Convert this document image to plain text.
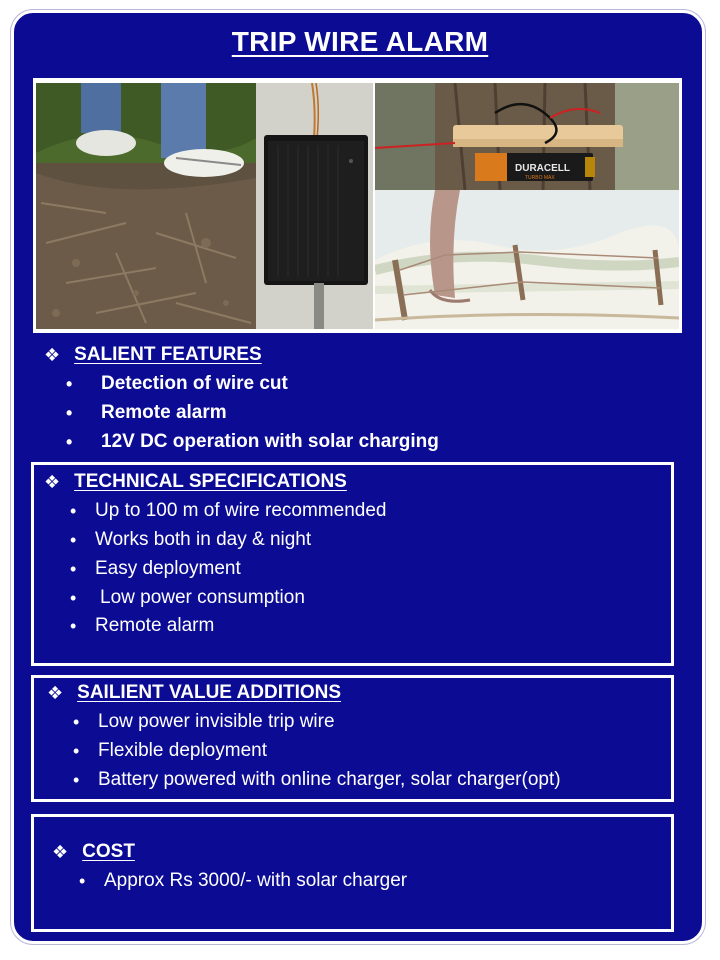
TRIP WIRE ALARM
DURACELL
TURBO MAX
❖ SALIENT FEATURES
•	Detection of wire cut
•	Remote alarm
•	12V DC operation with solar charging
❖ TECHNICAL SPECIFICATIONS
• Up to 100 m of wire recommended
• Works both in day & night
• Easy deployment
•	Low power consumption
• Remote alarm
❖ SAILIENT VALUE ADDITIONS
• Low power invisible trip wire
• Flexible deployment
• Battery powered with online charger, solar charger(opt)
❖ COST
• Approx Rs 3000/- with solar charger
